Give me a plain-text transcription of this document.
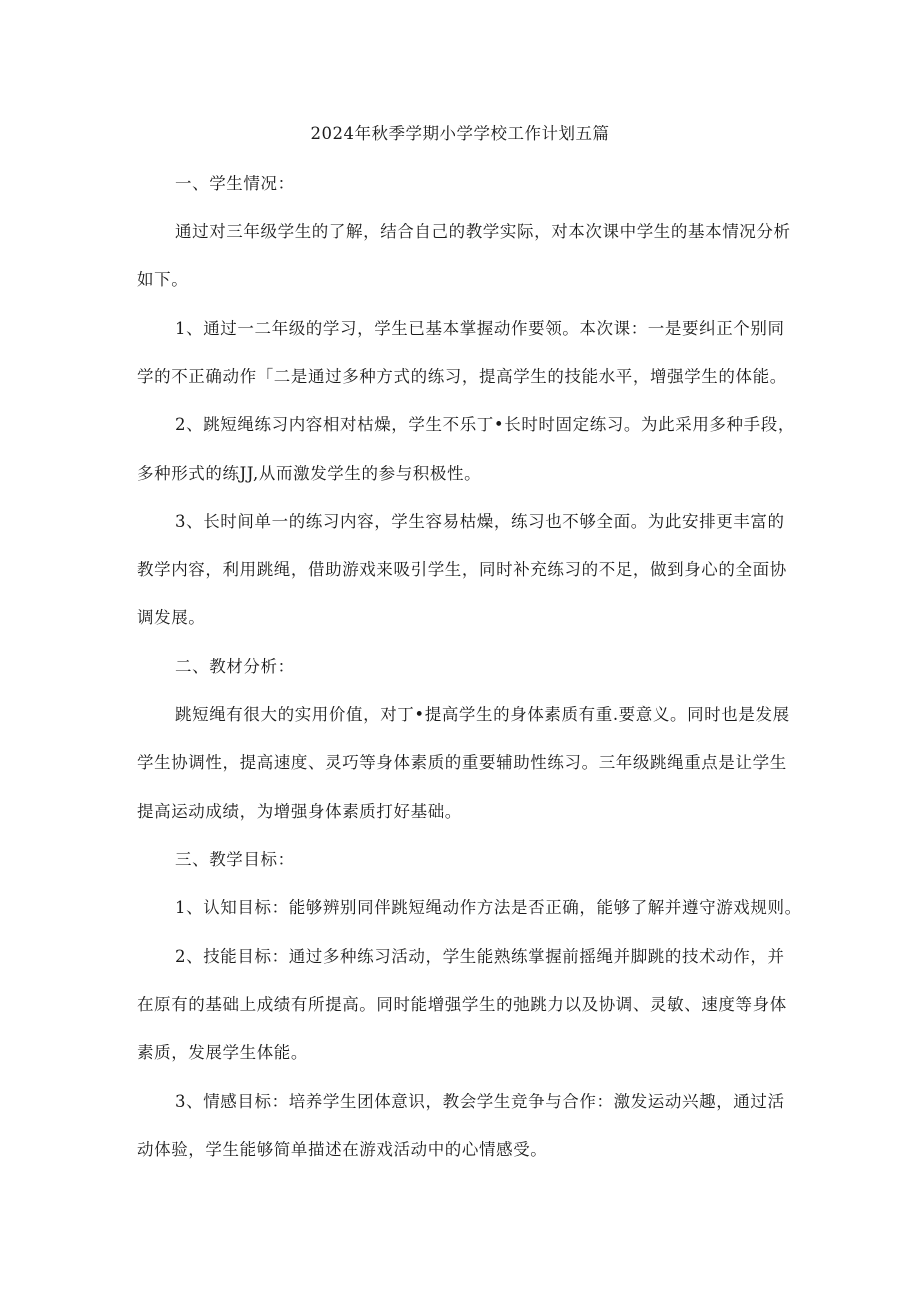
2024年秋季学期小学学校工作计划五篇
一、学生情况：
通过对三年级学生的了解，结合自己的教学实际，对本次课中学生的基本情况分析
如下。
1、通过一二年级的学习，学生已基本掌握动作要领。本次课：一是要纠正个别同
学的不正确动作「二是通过多种方式的练习，提高学生的技能水平，增强学生的体能。
2、跳短绳练习内容相对枯燥，学生不乐丁•长时时固定练习。为此采用多种手段，
多种形式的练JJ,从而激发学生的参与积极性。
3、长时间单一的练习内容，学生容易枯燥，练习也不够全面。为此安排更丰富的
教学内容，利用跳绳，借助游戏来吸引学生，同时补充练习的不足，做到身心的全面协
调发展。
二、教材分析：
跳短绳有很大的实用价值，对丁•提高学生的身体素质有重.要意义。同时也是发展
学生协调性，提高速度、灵巧等身体素质的重要辅助性练习。三年级跳绳重点是让学生
提高运动成绩，为增强身体素质打好基础。
三、教学目标：
1、认知目标：能够辨别同伴跳短绳动作方法是否正确，能够了解并遵守游戏规则。
2、技能目标：通过多种练习活动，学生能熟练掌握前摇绳并脚跳的技术动作，并
在原有的基础上成绩有所提高。同时能增强学生的弛跳力以及协调、灵敏、速度等身体
素质，发展学生体能。
3、情感目标：培养学生团体意识，教会学生竞争与合作：激发运动兴趣，通过活
动体验，学生能够简单描述在游戏活动中的心情感受。
